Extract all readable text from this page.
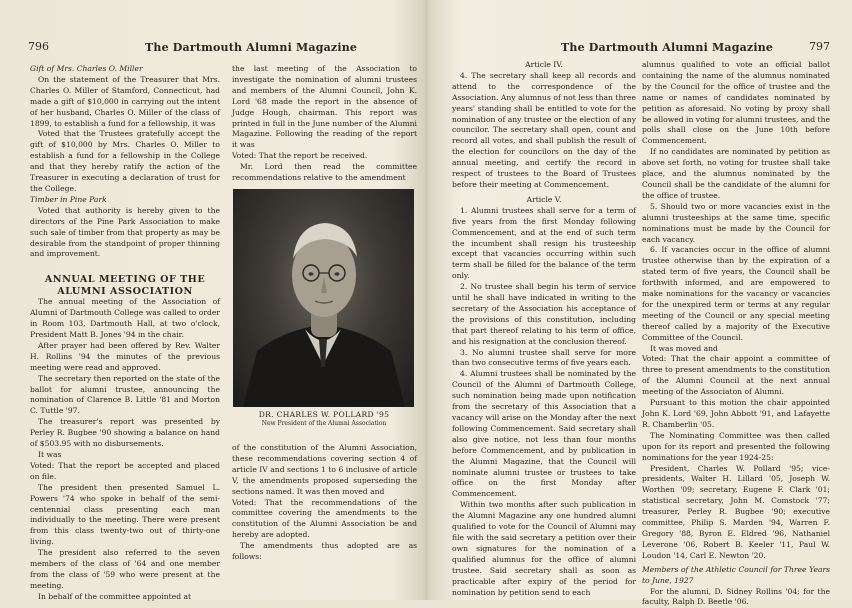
796	The Dartmouth Alumni Magazine

Gift of Mrs. Charles O. Miller

On the statement of the Treasurer that Mrs. Charles O. Miller of Stamford, Connecticut, had made a gift of $10,000 in carrying out the intent of her husband, Charles O. Miller of the class of 1899, to establish a fund for a fellowship, it was

Voted that the Trustees gratefully accept the gift of $10,000 by Mrs. Charles O. Miller to establish a fund for a fellowship in the College and that they hereby ratify the action of the Treasurer in executing a declaration of trust for the College.

Timber in Pine Park

Voted that authority is hereby given to the directors of the Pine Park Association to make such sale of timber from that property as may be desirable from the standpoint of proper thinning and improvement.

ANNUAL MEETING OF THE ALUMNI ASSOCIATION

The annual meeting of the Association of Alumni of Dartmouth College was called to order in Room 103, Dartmouth Hall, at two o'clock, President Matt B. Jones '94 in the chair.

After prayer had been offered by Rev. Walter H. Rollins '94 the minutes of the previous meeting were read and approved.

The secretary then reported on the state of the ballot for alumni trustee, announcing the nomination of Clarence B. Little '81 and Morton C. Tuttle '97.

The treasurer's report was presented by Perley R. Bugbee '90 showing a balance on hand of $503.95 with no disbursements.

It was

Voted: That the report be accepted and placed on file.

The president then presented Samuel L. Powers '74 who spoke in behalf of the semi-centennial class presenting each man individually to the meeting. There were present from this class twenty-two out of thirty-one living.

The president also referred to the seven members of the class of '64 and one member from the class of '59 who were present at the meeting.

In behalf of the committee appointed at

the last meeting of the Association to investigate the nomination of alumni trustees and members of the Alumni Council, John K. Lord '68 made the report in the absence of Judge Hough, chairman. This report was printed in full in the June number of the Alumni Magazine. Following the reading of the report it was

Voted: That the report be received.

Mr. Lord then read the committee recommendations relative to the amendment

DR. CHARLES W. POLLARD '95
New President of the Alumni Association

of the constitution of the Alumni Association, these recommendations covering section 4 of article IV and sections 1 to 6 inclusive of article V, the amendments proposed superseding the sections named. It was then moved and

Voted: That the recommendations of the committee covering the amendments to the constitution of the Alumni Association be and hereby are adopted.

The amendments thus adopted are as follows:

The Dartmouth Alumni Magazine	797

Article IV.

4. The secretary shall keep all records and attend to the correspondence of the Association. Any alumnus of not less than three years' standing shall be entitled to vote for the nomination of any trustee or the election of any councilor. The secretary shall open, count and record all votes, and shall publish the result of the election for councilors on the day of the annual meeting, and certify the record in respect of trustees to the Board of Trustees before their meeting at Commencement.

Article V.

1. Alumni trustees shall serve for a term of five years from the first Monday following Commencement, and at the end of such term the incumbent shall resign his trusteeship except that vacancies occurring within such term shall be filled for the balance of the term only.

2. No trustee shall begin his term of service until he shall have indicated in writing to the secretary of the Association his acceptance of the provisions of this constitution, including that part thereof relating to his term of office, and his resignation at the conclusion thereof.

3. No alumni trustee shall serve for more than two consecutive terms of five years each.

4. Alumni trustees shall be nominated by the Council of the Alumni of Dartmouth College, such nomination being made upon notification from the secretary of this Association that a vacancy will arise on the Monday after the next following Commencement. Said secretary shall also give notice, not less than four months before Commencement, and by publication in the Alumni Magazine, that the Council will nominate alumni trustee or trustees to take office on the first Monday after Commencement.

Within two months after such publication in the Alumni Magazine any one hundred alumni qualified to vote for the Council of Alumni may file with the said secretary a petition over their own signatures for the nomination of a qualified alumnus for the office of alumni trustee. Said secretary shall as soon as practicable after expiry of the period for nomination by petition send to each

alumnus qualified to vote an official ballot containing the name of the alumnus nominated by the Council for the office of trustee and the name or names of candidates nominated by petition as aforesaid. No voting by proxy shall be allowed in voting for alumni trustees, and the polls shall close on the June 10th before Commencement.

If no candidates are nominated by petition as above set forth, no voting for trustee shall take place, and the alumnus nominated by the Council shall be the candidate of the alumni for the office of trustee.

5. Should two or more vacancies exist in the alumni trusteeships at the same time, specific nominations must be made by the Council for each vacancy.

6. If vacancies occur in the office of alumni trustee otherwise than by the expiration of a stated term of five years, the Council shall be forthwith informed, and are empowered to make nominations for the vacancy or vacancies for the unexpired term or terms at any regular meeting of the Council or any special meeting thereof called by a majority of the Executive Committee of the Council.

It was moved and

Voted: That the chair appoint a committee of three to present amendments to the constitution of the Alumni Council at the next annual meeting of the Associaton of Alumni.

Pursuant to this motion the chair appointed John K. Lord '69, John Abbott '91, and Lafayette R. Chamberlin '05.

The Nominating Committee was then called upon for its report and presented the following nominations for the year 1924-25:

President, Charles W. Pollard '95; vice-presidents, Walter H. Lillard '05, Joseph W. Worthen '09; secretary, Eugene F. Clark '01; statistical secretary, John M. Comstock '77; treasurer, Perley R. Bugbee '90; executive committee, Philip S. Marden '94, Warren F. Gregory '88, Byron E. Eldred '96, Nathaniel Leverone '06, Robert B. Keeler '11, Paul W. Loudon '14, Carl E. Newton '20.

Members of the Athletic Council for Three Years to June, 1927

For the alumni, D. Sidney Rollins '04; for the faculty, Ralph D. Beetle '06.
